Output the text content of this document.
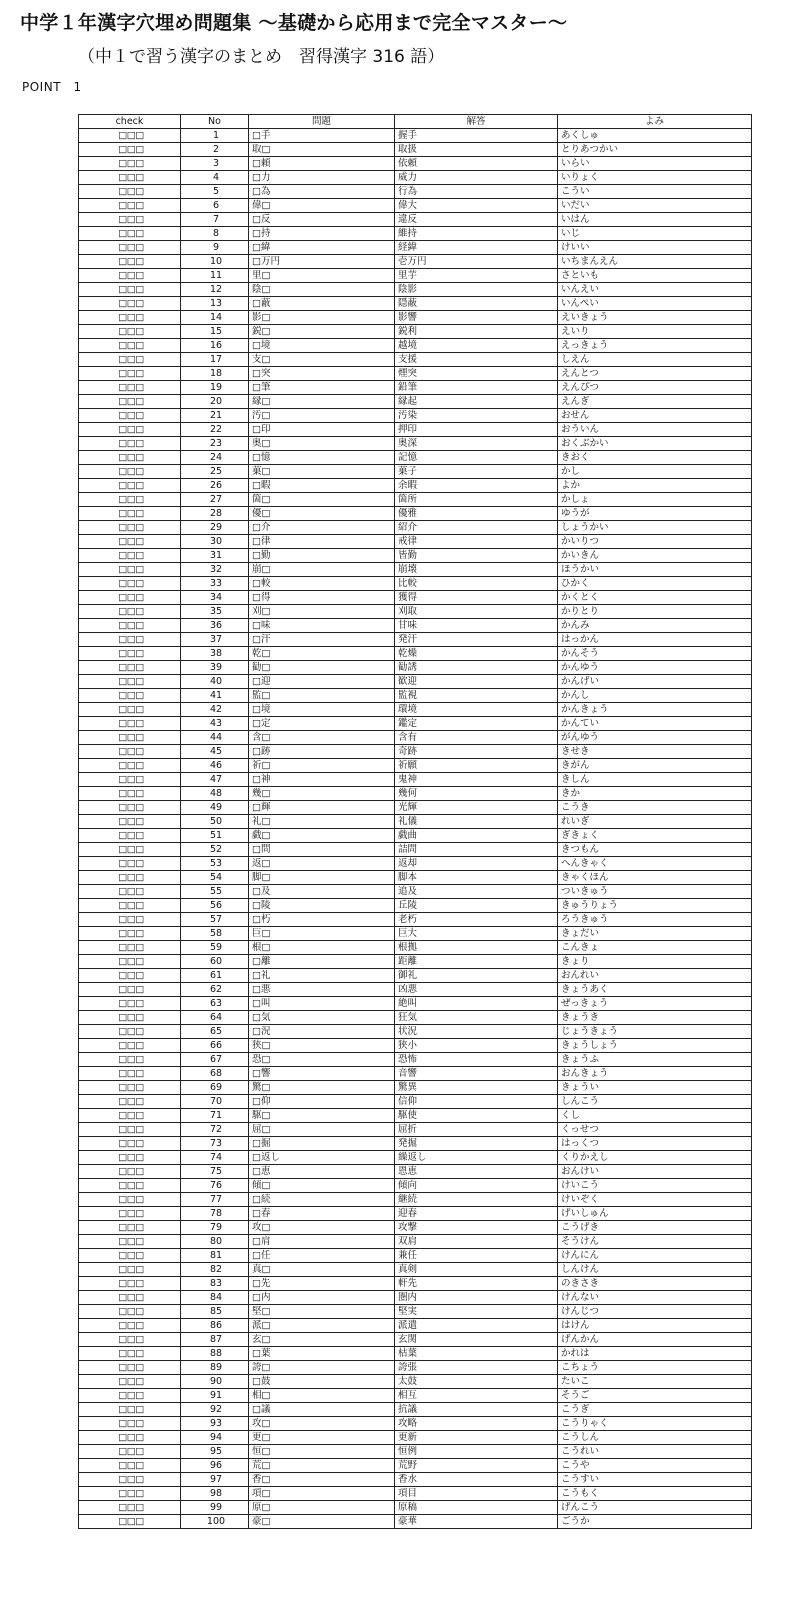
中学１年漢字穴埋め問題集 ～基礎から応用まで完全マスター～
（中１で習う漢字のまとめ　習得漢字 316 語）
POINT　1
check	No	問題	解答	よみ
□□□	1	□手	握手	あくしゅ
□□□	2	取□	取扱	とりあつかい
□□□	3	□頼	依頼	いらい
□□□	4	□力	威力	いりょく
□□□	5	□為	行為	こうい
□□□	6	偉□	偉大	いだい
□□□	7	□反	違反	いはん
□□□	8	□持	維持	いじ
□□□	9	□緯	経緯	けいい
□□□	10	□万円	壱万円	いちまんえん
□□□	11	里□	里芋	さといも
□□□	12	陰□	陰影	いんえい
□□□	13	□蔽	隠蔽	いんぺい
□□□	14	影□	影響	えいきょう
□□□	15	鋭□	鋭利	えいり
□□□	16	□境	越境	えっきょう
□□□	17	支□	支援	しえん
□□□	18	□突	煙突	えんとつ
□□□	19	□筆	鉛筆	えんぴつ
□□□	20	縁□	縁起	えんぎ
□□□	21	汚□	汚染	おせん
□□□	22	□印	押印	おういん
□□□	23	奥□	奥深	おくぶかい
□□□	24	□憶	記憶	きおく
□□□	25	菓□	菓子	かし
□□□	26	□暇	余暇	よか
□□□	27	箇□	箇所	かしょ
□□□	28	優□	優雅	ゆうが
□□□	29	□介	紹介	しょうかい
□□□	30	□律	戒律	かいりつ
□□□	31	□勤	皆勤	かいきん
□□□	32	崩□	崩壊	ほうかい
□□□	33	□較	比較	ひかく
□□□	34	□得	獲得	かくとく
□□□	35	刈□	刈取	かりとり
□□□	36	□味	甘味	かんみ
□□□	37	□汗	発汗	はっかん
□□□	38	乾□	乾燥	かんそう
□□□	39	勧□	勧誘	かんゆう
□□□	40	□迎	歓迎	かんげい
□□□	41	監□	監視	かんし
□□□	42	□境	環境	かんきょう
□□□	43	□定	鑑定	かんてい
□□□	44	含□	含有	がんゆう
□□□	45	□跡	奇跡	きせき
□□□	46	祈□	祈願	きがん
□□□	47	□神	鬼神	きしん
□□□	48	幾□	幾何	きか
□□□	49	□輝	光輝	こうき
□□□	50	礼□	礼儀	れいぎ
□□□	51	戯□	戯曲	ぎきょく
□□□	52	□問	詰問	きつもん
□□□	53	返□	返却	へんきゃく
□□□	54	脚□	脚本	きゃくほん
□□□	55	□及	追及	ついきゅう
□□□	56	□陵	丘陵	きゅうりょう
□□□	57	□朽	老朽	ろうきゅう
□□□	58	巨□	巨大	きょだい
□□□	59	根□	根拠	こんきょ
□□□	60	□離	距離	きょり
□□□	61	□礼	御礼	おんれい
□□□	62	□悪	凶悪	きょうあく
□□□	63	□叫	絶叫	ぜっきょう
□□□	64	□気	狂気	きょうき
□□□	65	□況	状況	じょうきょう
□□□	66	狭□	狭小	きょうしょう
□□□	67	恐□	恐怖	きょうふ
□□□	68	□響	音響	おんきょう
□□□	69	驚□	驚異	きょうい
□□□	70	□仰	信仰	しんこう
□□□	71	駆□	駆使	くし
□□□	72	屈□	屈折	くっせつ
□□□	73	□掘	発掘	はっくつ
□□□	74	□返し	繰返し	くりかえし
□□□	75	□恵	恩恵	おんけい
□□□	76	傾□	傾向	けいこう
□□□	77	□続	継続	けいぞく
□□□	78	□春	迎春	げいしゅん
□□□	79	攻□	攻撃	こうげき
□□□	80	□肩	双肩	そうけん
□□□	81	□任	兼任	けんにん
□□□	82	真□	真剣	しんけん
□□□	83	□先	軒先	のきさき
□□□	84	□内	圏内	けんない
□□□	85	堅□	堅実	けんじつ
□□□	86	派□	派遣	はけん
□□□	87	玄□	玄関	げんかん
□□□	88	□葉	枯葉	かれは
□□□	89	誇□	誇張	こちょう
□□□	90	□鼓	太鼓	たいこ
□□□	91	相□	相互	そうご
□□□	92	□議	抗議	こうぎ
□□□	93	攻□	攻略	こうりゃく
□□□	94	更□	更新	こうしん
□□□	95	恒□	恒例	こうれい
□□□	96	荒□	荒野	こうや
□□□	97	香□	香水	こうすい
□□□	98	項□	項目	こうもく
□□□	99	原□	原稿	げんこう
□□□	100	豪□	豪華	ごうか
